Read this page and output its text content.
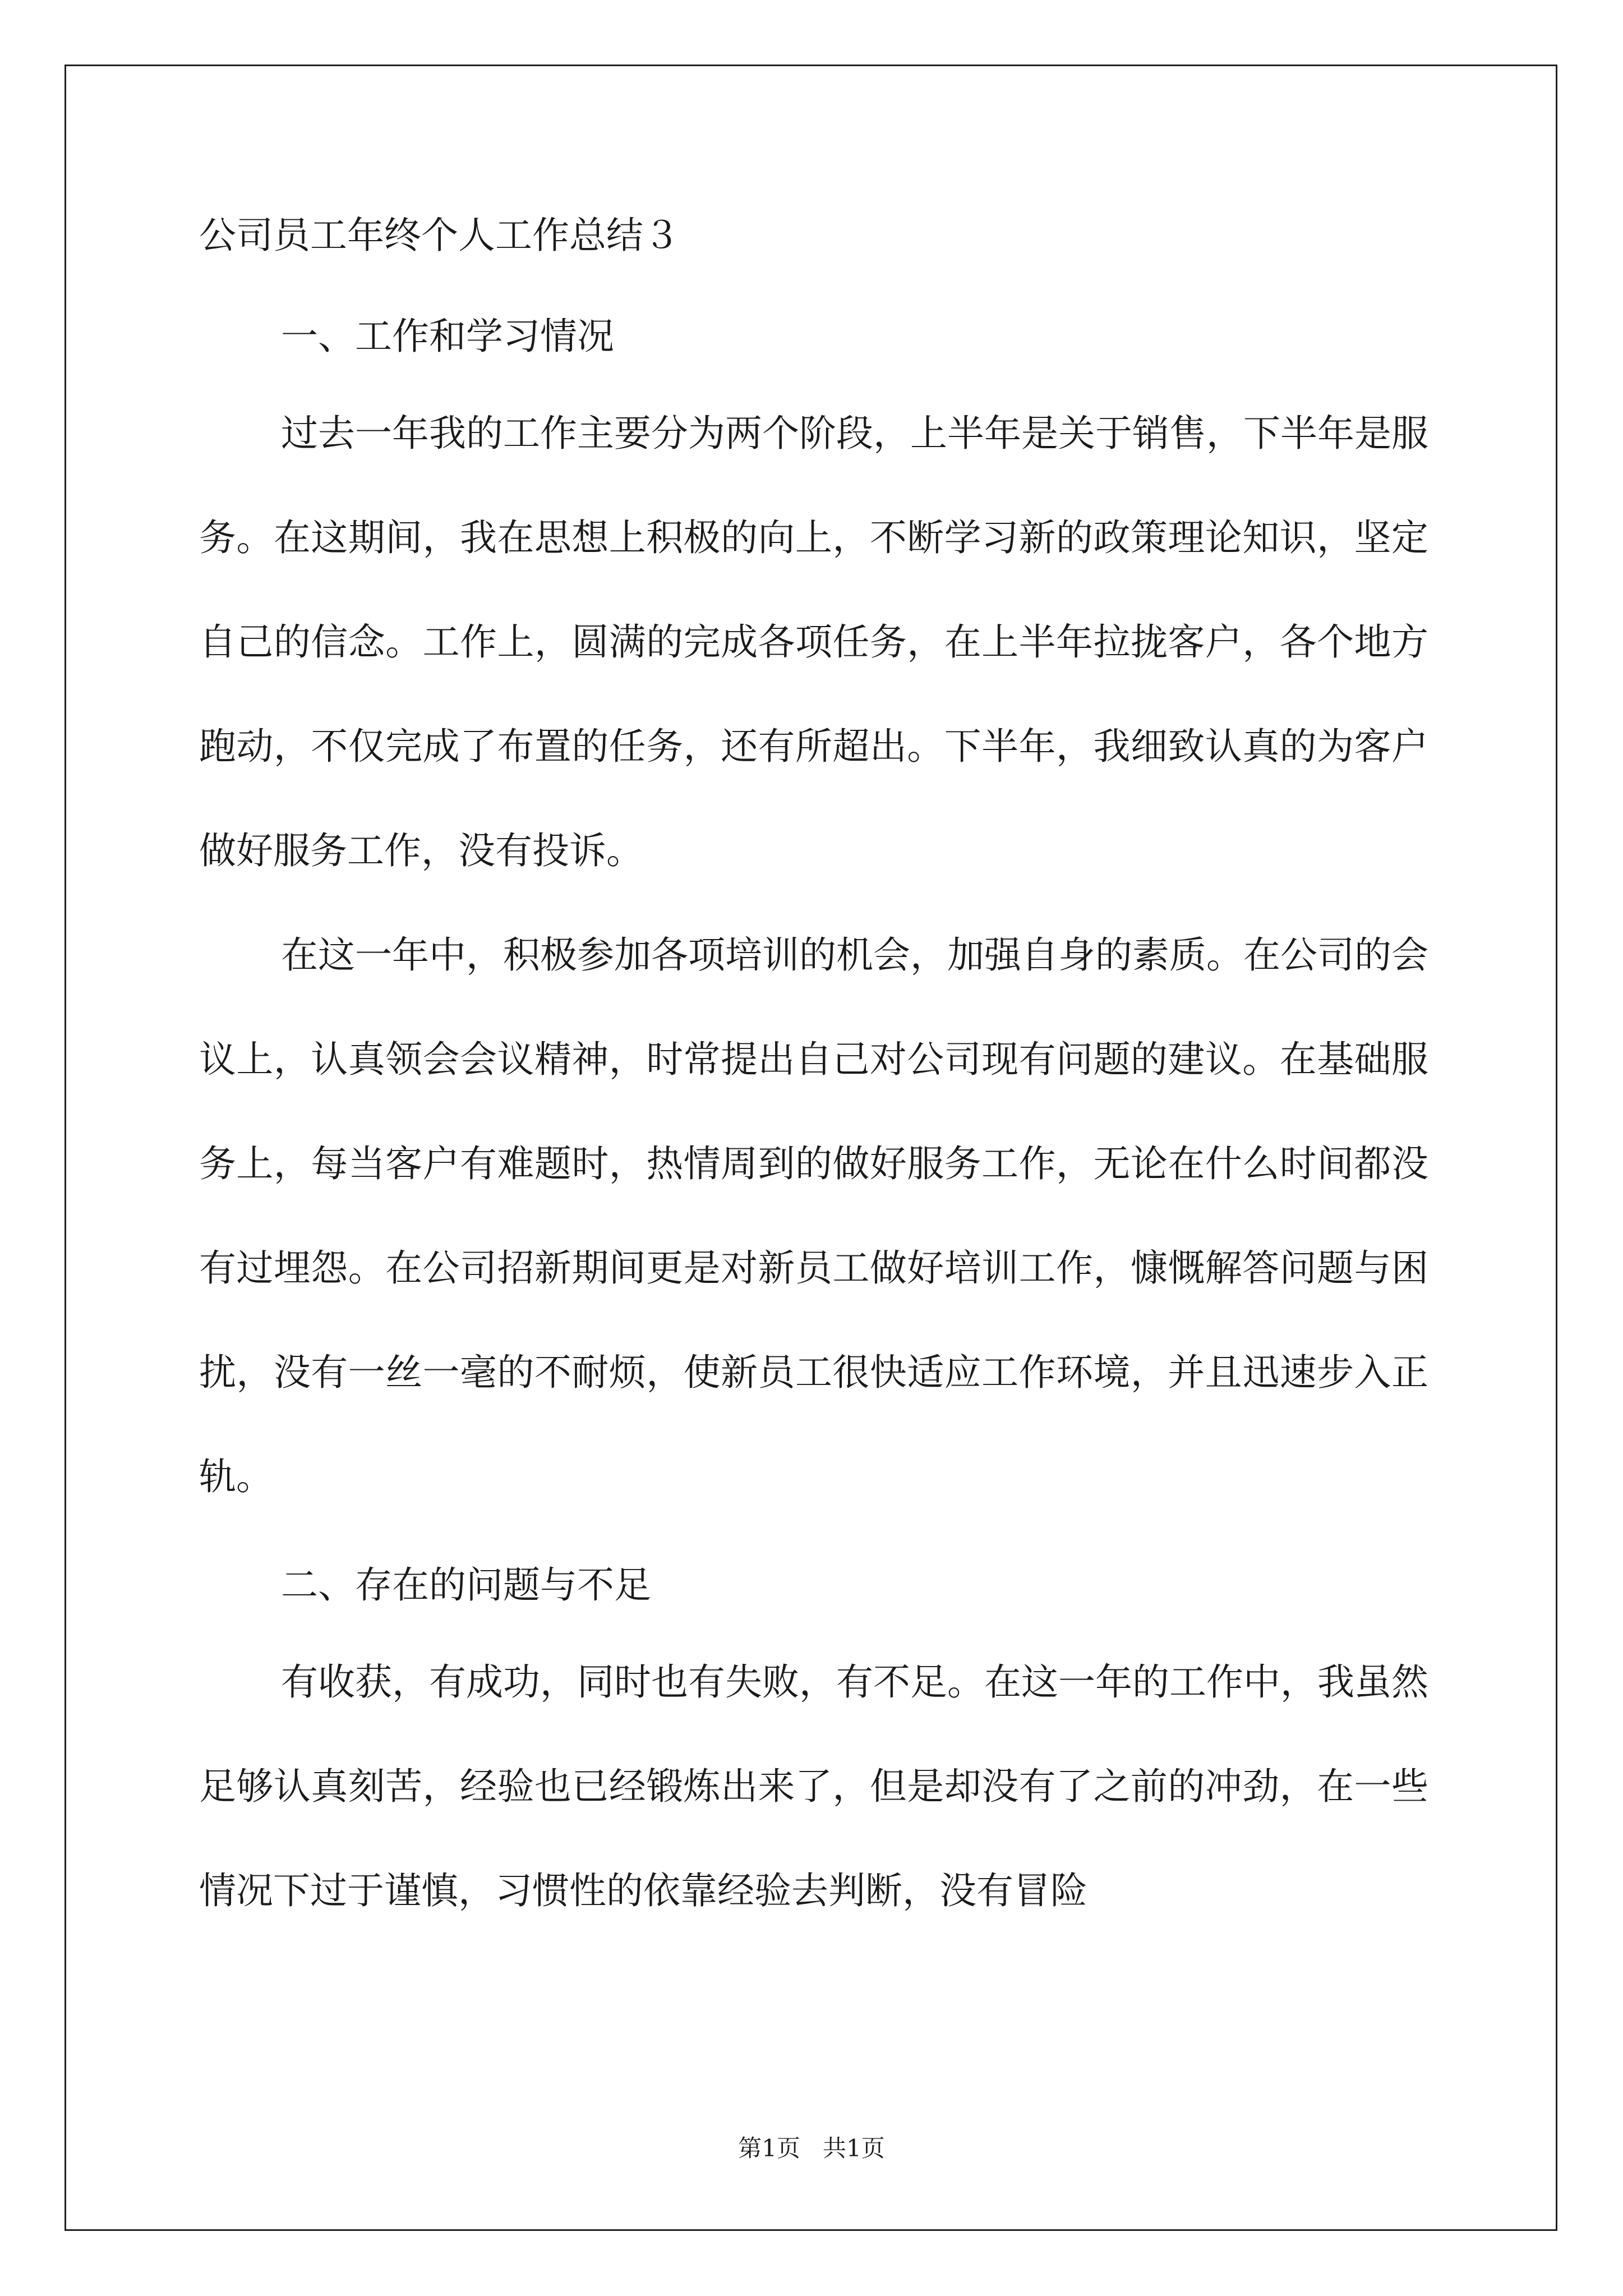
公司员工年终个人工作总结３
一、工作和学习情况

过去一年我的工作主要分为两个阶段，上半年是关于销售，下半年是服务。在这期间，我在思想上积极的向上，不断学习新的政策理论知识，坚定自己的信念。工作上，圆满的完成各项任务，在上半年拉拢客户，各个地方跑动，不仅完成了布置的任务，还有所超出。下半年，我细致认真的为客户做好服务工作，没有投诉。

在这一年中，积极参加各项培训的机会，加强自身的素质。在公司的会议上，认真领会会议精神，时常提出自己对公司现有问题的建议。在基础服务上，每当客户有难题时，热情周到的做好服务工作，无论在什么时间都没有过埋怨。在公司招新期间更是对新员工做好培训工作，慷慨解答问题与困扰，没有一丝一毫的不耐烦，使新员工很快适应工作环境，并且迅速步入正轨。

二、存在的问题与不足

有收获，有成功，同时也有失败，有不足。在这一年的工作中，我虽然足够认真刻苦，经验也已经锻炼出来了，但是却没有了之前的冲劲，在一些情况下过于谨慎，习惯性的依靠经验去判断，没有冒险

第1页   共1页
